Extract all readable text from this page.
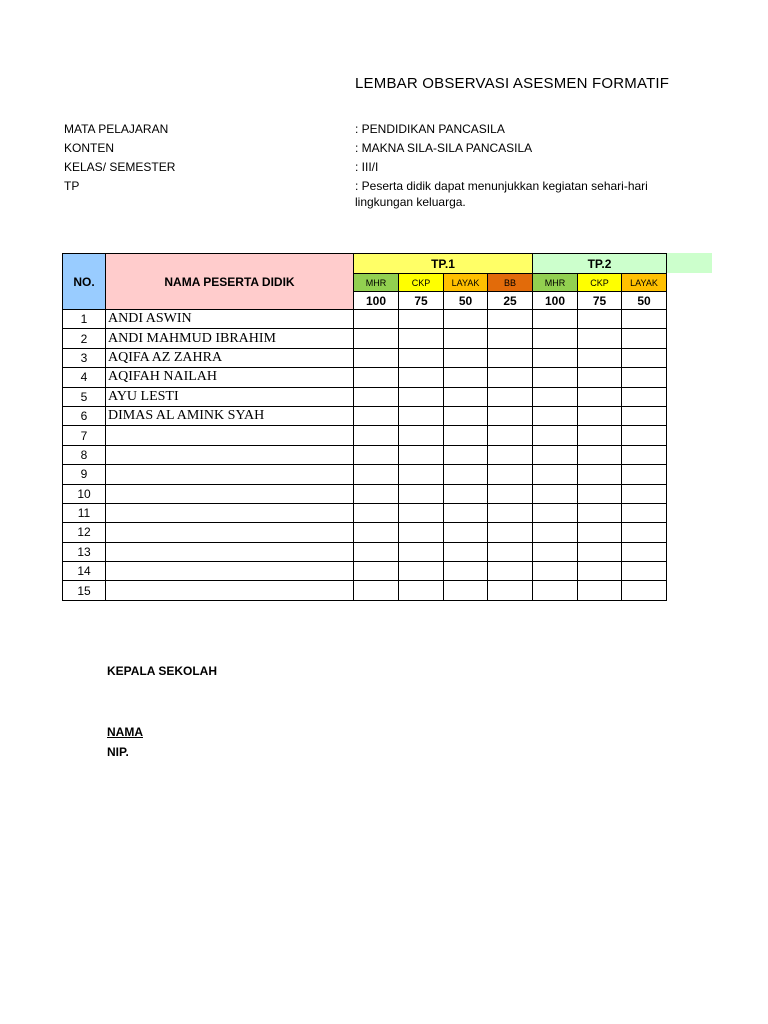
LEMBAR OBSERVASI ASESMEN FORMATIF
MATA PELAJARAN	: PENDIDIKAN PANCASILA
KONTEN	: MAKNA SILA-SILA PANCASILA
KELAS/ SEMESTER	: III/I
TP	: Peserta didik dapat menunjukkan kegiatan sehari-hari
lingkungan keluarga.
NO.	NAMA PESERTA DIDIK	TP.1				TP.2		
		MHR	CKP	LAYAK	BB	MHR	CKP	LAYAK
		100	75	50	25	100	75	50
1	ANDI ASWIN							
2	ANDI MAHMUD IBRAHIM							
3	AQIFA AZ ZAHRA							
4	AQIFAH NAILAH							
5	AYU LESTI							
6	DIMAS AL AMINK SYAH							
7								
8								
9								
10								
11								
12								
13								
14								
15								
KEPALA SEKOLAH
NAMA
NIP.
